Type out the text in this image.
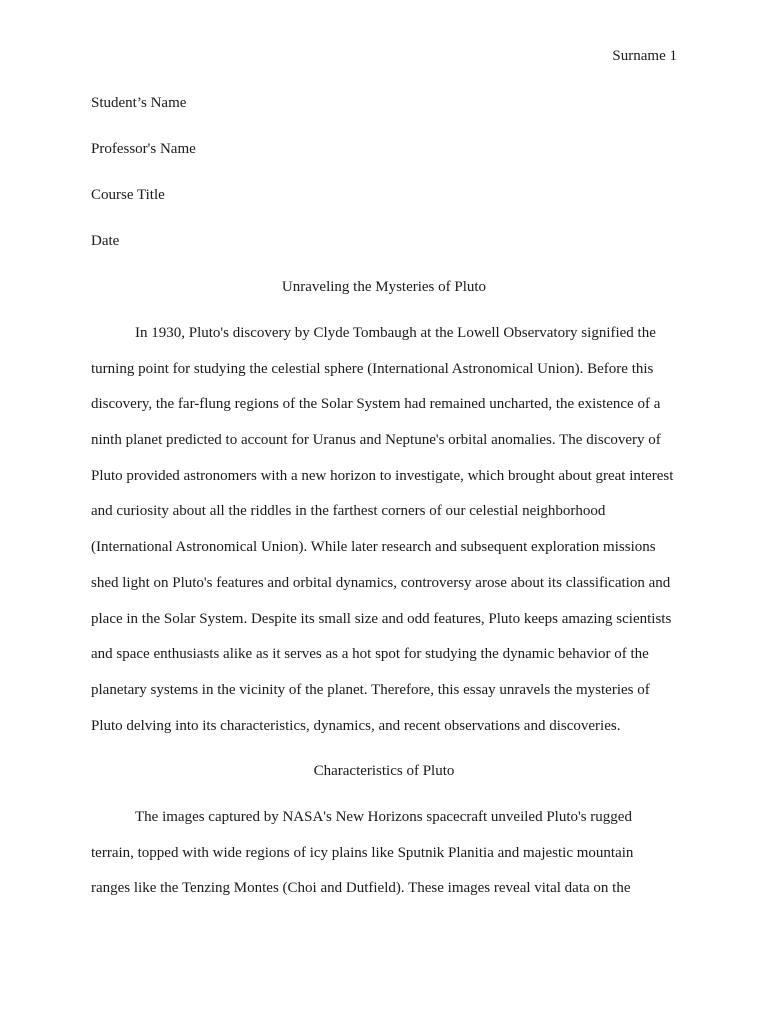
Surname 1
Student’s Name
Professor's Name
Course Title
Date
Unraveling the Mysteries of Pluto
In 1930, Pluto's discovery by Clyde Tombaugh at the Lowell Observatory signified the
turning point for studying the celestial sphere (International Astronomical Union). Before this
discovery, the far-flung regions of the Solar System had remained uncharted, the existence of a
ninth planet predicted to account for Uranus and Neptune's orbital anomalies. The discovery of
Pluto provided astronomers with a new horizon to investigate, which brought about great interest
and curiosity about all the riddles in the farthest corners of our celestial neighborhood
(International Astronomical Union). While later research and subsequent exploration missions
shed light on Pluto's features and orbital dynamics, controversy arose about its classification and
place in the Solar System. Despite its small size and odd features, Pluto keeps amazing scientists
and space enthusiasts alike as it serves as a hot spot for studying the dynamic behavior of the
planetary systems in the vicinity of the planet. Therefore, this essay unravels the mysteries of
Pluto delving into its characteristics, dynamics, and recent observations and discoveries.
Characteristics of Pluto
The images captured by NASA's New Horizons spacecraft unveiled Pluto's rugged
terrain, topped with wide regions of icy plains like Sputnik Planitia and majestic mountain
ranges like the Tenzing Montes (Choi and Dutfield). These images reveal vital data on the
